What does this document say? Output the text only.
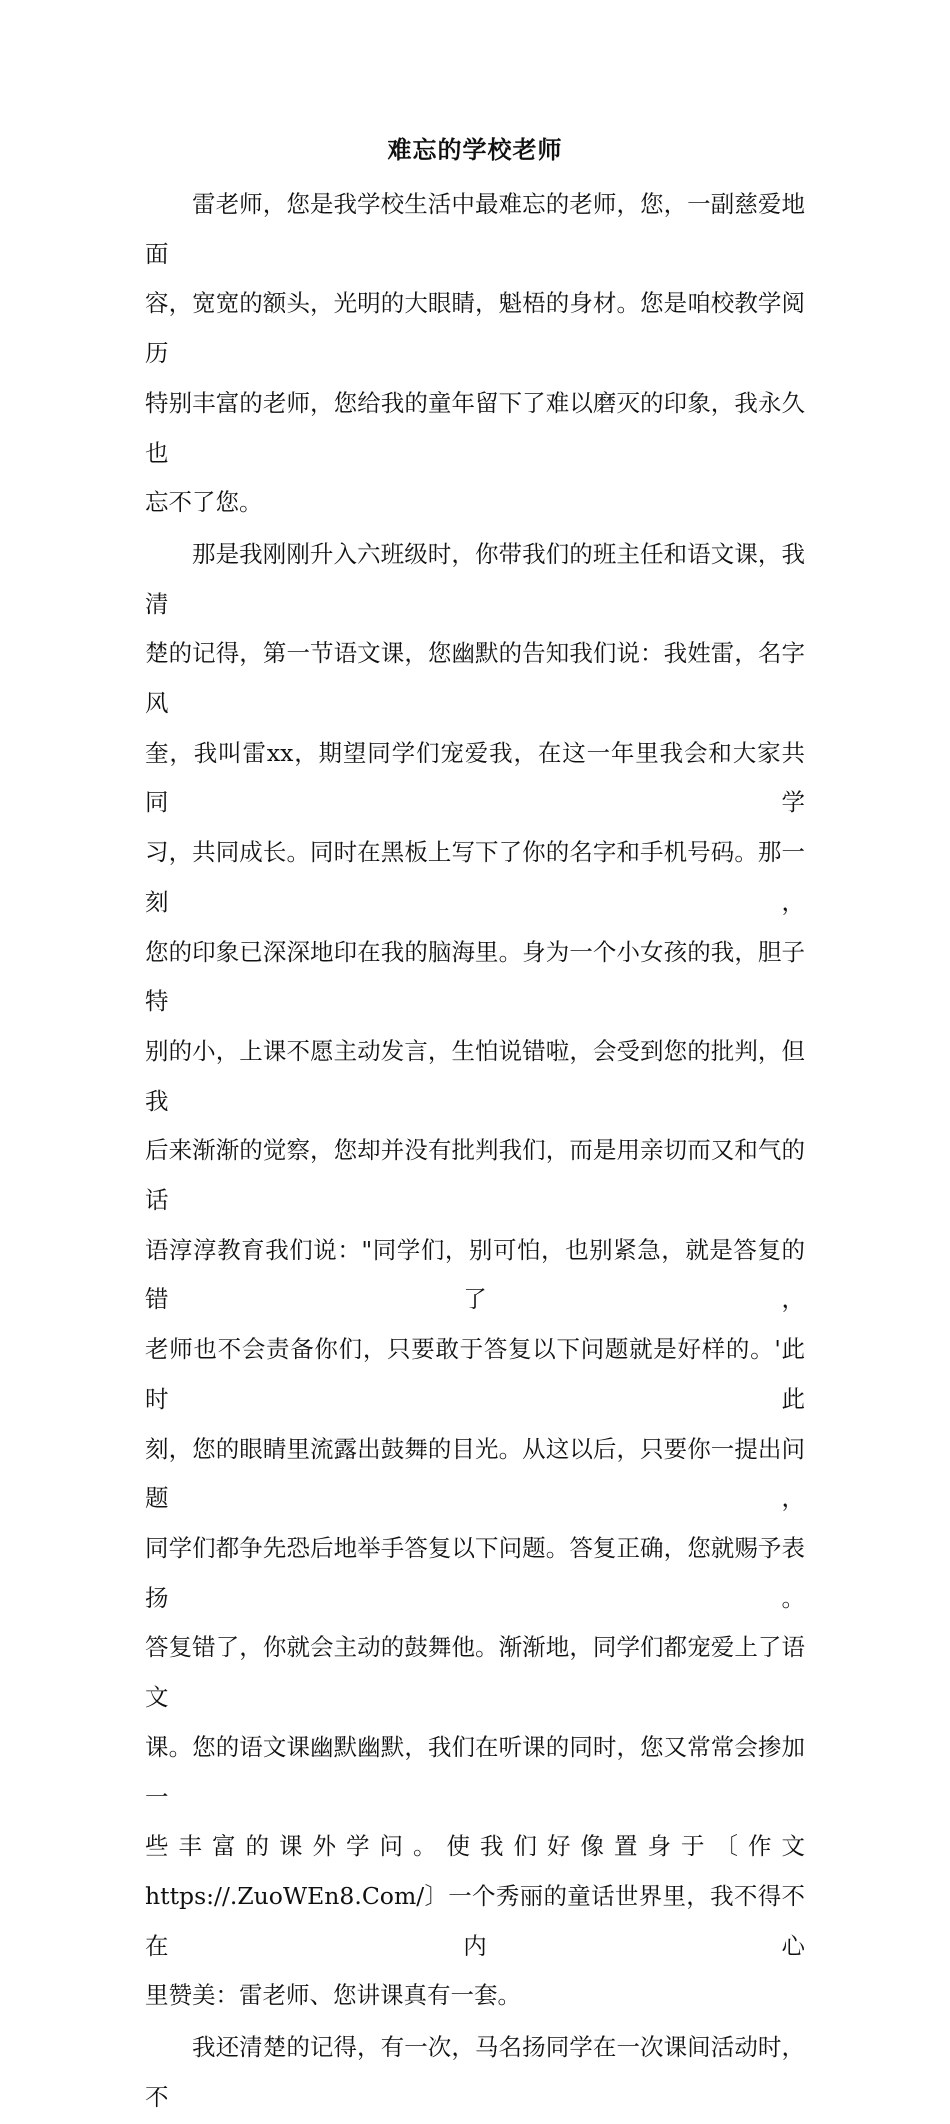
难忘的学校老师
雷老师，您是我学校生活中最难忘的老师，您，一副慈爱地面
容，宽宽的额头，光明的大眼睛，魁梧的身材。您是咱校教学阅历
特别丰富的老师，您给我的童年留下了难以磨灭的印象，我永久也
忘不了您。
那是我刚刚升入六班级时，你带我们的班主任和语文课，我清
楚的记得，第一节语文课，您幽默的告知我们说：我姓雷，名字风
奎，我叫雷xx，期望同学们宠爱我，在这一年里我会和大家共同学
习，共同成长。同时在黑板上写下了你的名字和手机号码。那一刻，
您的印象已深深地印在我的脑海里。身为一个小女孩的我，胆子特
别的小，上课不愿主动发言，生怕说错啦，会受到您的批判，但我
后来渐渐的觉察，您却并没有批判我们，而是用亲切而又和气的话
语淳淳教育我们说："同学们，别可怕，也别紧急，就是答复的错了，
老师也不会责备你们，只要敢于答复以下问题就是好样的。'此时此
刻，您的眼睛里流露出鼓舞的目光。从这以后，只要你一提出问题，
同学们都争先恐后地举手答复以下问题。答复正确，您就赐予表扬。
答复错了，你就会主动的鼓舞他。渐渐地，同学们都宠爱上了语文
课。您的语文课幽默幽默，我们在听课的同时，您又常常会掺加一
些丰富的课外学问。使我们好像置身于〔作文
https://.ZuoWEn8.Com/〕一个秀丽的童话世界里，我不得不在内心
里赞美：雷老师、您讲课真有一套。
我还清楚的记得，有一次，马名扬同学在一次课间活动时，不
